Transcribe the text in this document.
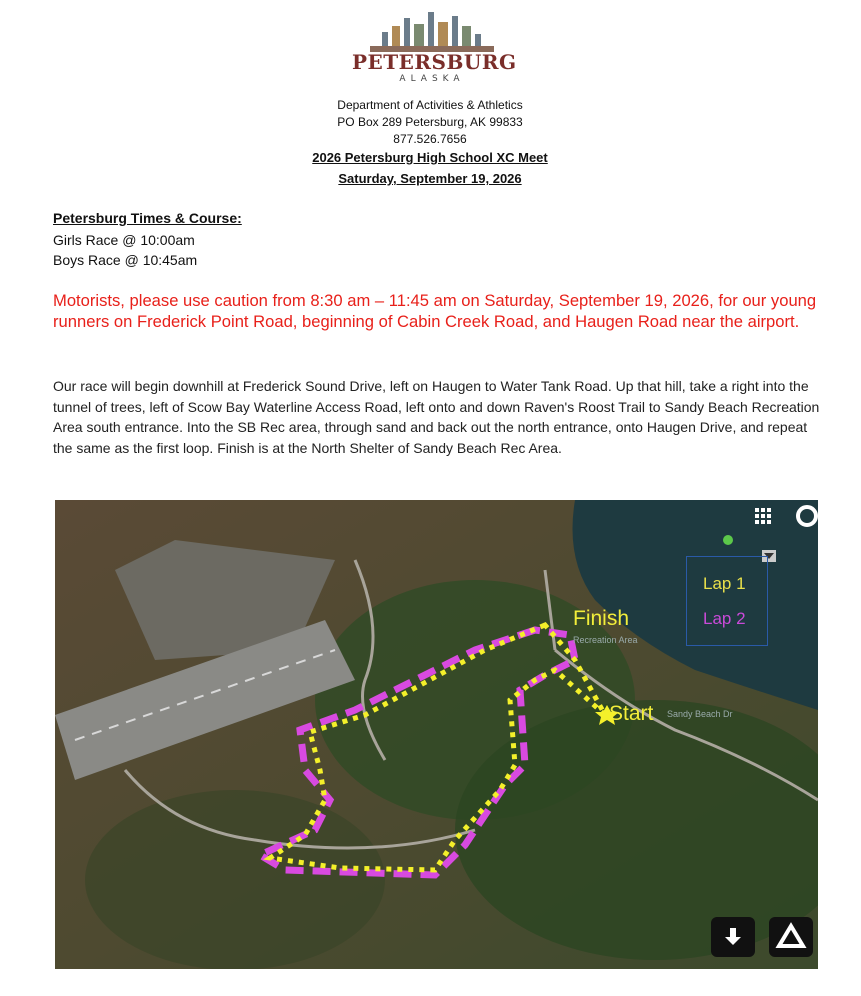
PETERSBURG
ALASKA
Department of Activities & Athletics
PO Box 289 Petersburg, AK 99833
877.526.7656
2026 Petersburg High School XC Meet
Saturday, September 19, 2026
Petersburg Times & Course:
Girls Race @ 10:00am
Boys Race @ 10:45am
Motorists, please use caution from 8:30 am – 11:45 am on Saturday, September 19, 2026, for our young runners on Frederick Point Road, beginning of Cabin Creek Road, and Haugen Road near the airport.
Our race will begin downhill at Frederick Sound Drive, left on Haugen to Water Tank Road. Up that hill, take a right into the tunnel of trees, left of Scow Bay Waterline Access Road, left onto and down Raven's Roost Trail to Sandy Beach Recreation Area south entrance. Into the SB Rec area, through sand and back out the north entrance, onto Haugen Drive, and repeat the same as the first loop. Finish is at the North Shelter of Sandy Beach Rec Area.
Lap 1
Lap 2
Finish
Start Sandy Beach Dr
Recreation Area
